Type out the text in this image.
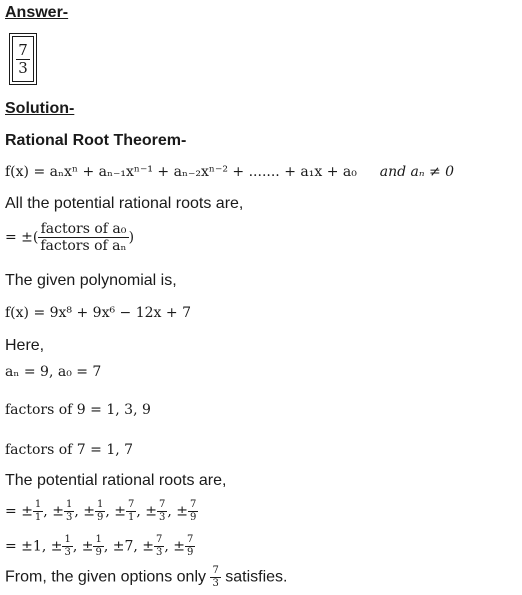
Answer-
$\frac{7}{3}$
Solution-
Rational Root Theorem-
f(x) = aₙxⁿ + aₙ₋₁xⁿ⁻¹ + aₙ₋₂xⁿ⁻² + ....... + a₁x + a₀ and aₙ ≠ 0
All the potential rational roots are,
= ±( $\frac{\text{factors of a₀}}{\text{factors of aₙ}}$ )
The given polynomial is,
f(x) = 9x⁸ + 9x⁶ − 12x + 7
Here,
aₙ = 9, a₀ = 7
factors of 9 = 1, 3, 9
factors of 7 = 1, 7
The potential rational roots are,
= ± $\frac{1}{1}$ , ± $\frac{1}{3}$ , ± $\frac{1}{9}$ , ± $\frac{7}{1}$ , ± $\frac{7}{3}$ , ± $\frac{7}{9}$
= ±1, ± $\frac{1}{3}$ , ± $\frac{1}{9}$ , ±7, ± $\frac{7}{3}$ , ± $\frac{7}{9}$
From, the given options only $\frac{7}{3}$ satisfies.
